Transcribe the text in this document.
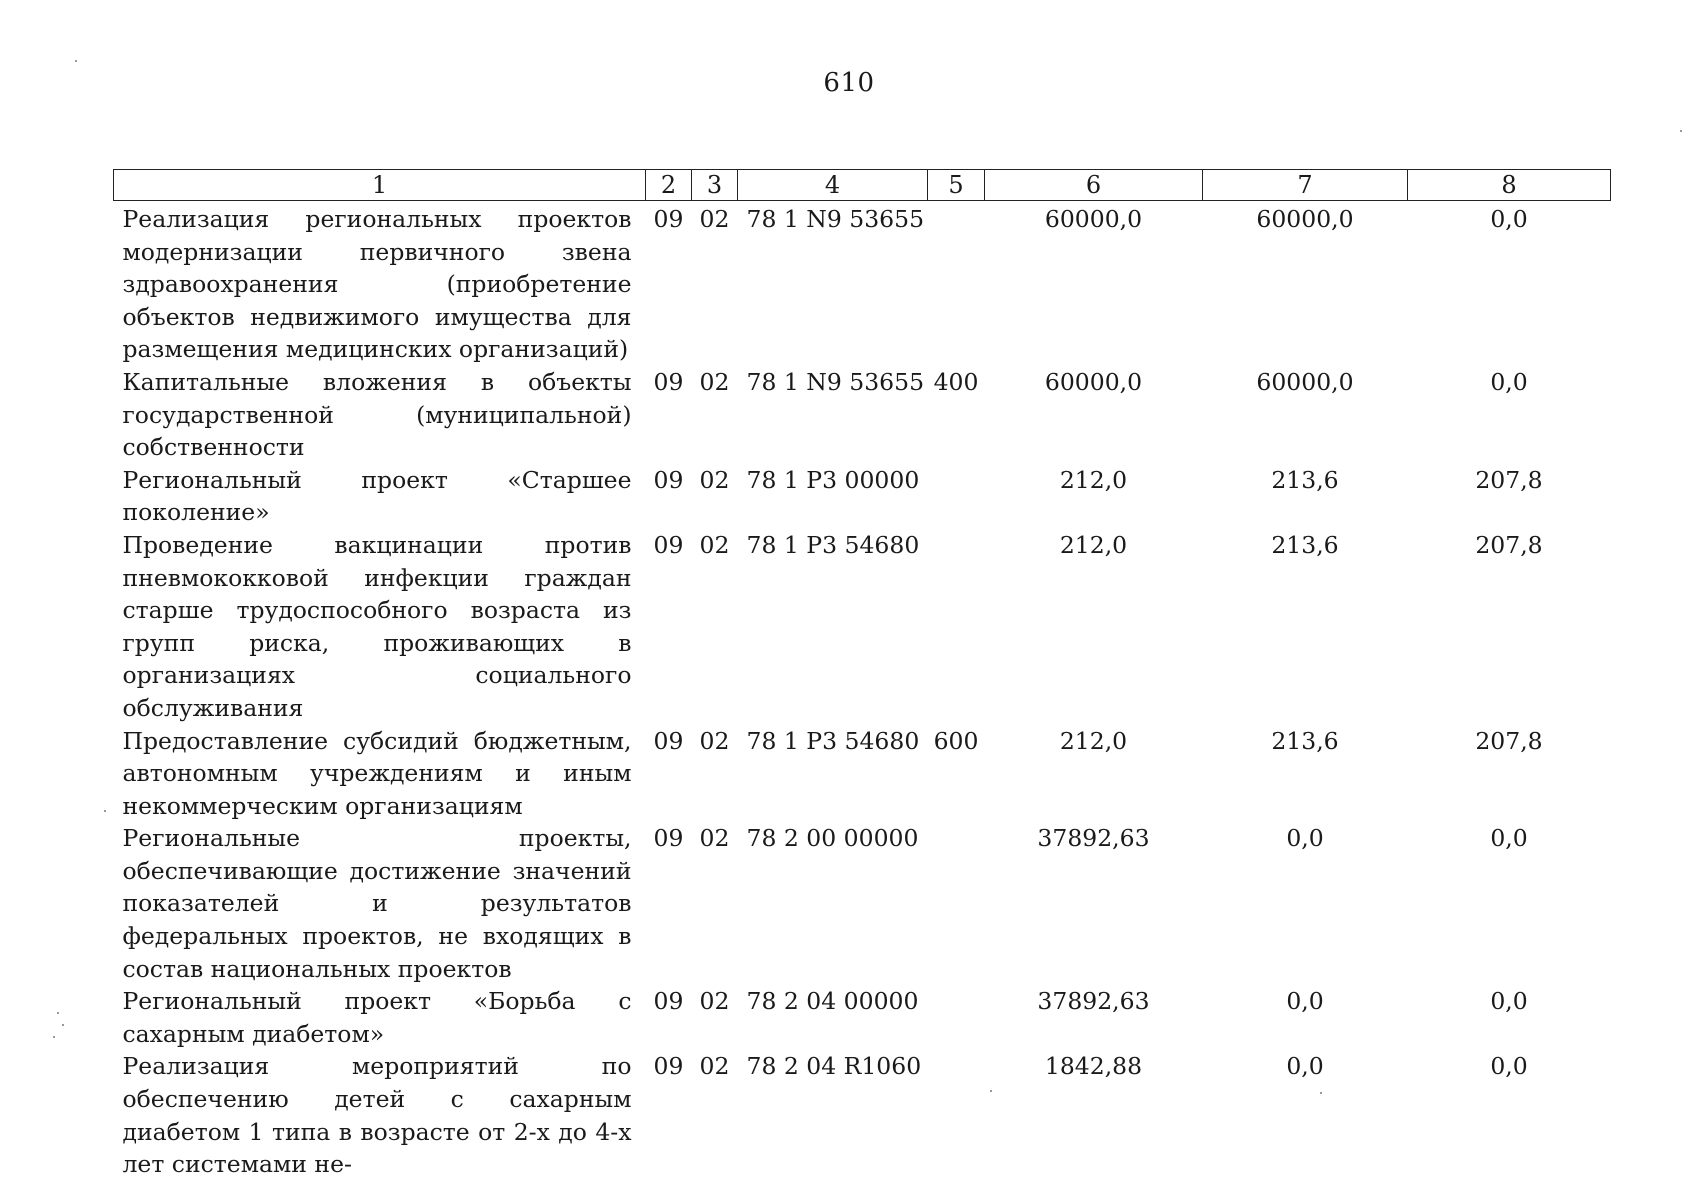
610
1	2	3	4	5	6	7	8
Реализация региональных проектов модернизации первичного звена здравоохранения (приобретение объектов недвижимого имущества для размещения медицинских организаций)	09	02	78 1 N9 53655		60000,0	60000,0	0,0
Капитальные вложения в объекты государственной (муниципальной) собственности	09	02	78 1 N9 53655	400	60000,0	60000,0	0,0
Региональный проект «Старшее поколение»	09	02	78 1 P3 00000		212,0	213,6	207,8
Проведение вакцинации против пневмококковой инфекции граждан старше трудоспособного возраста из групп риска, проживающих в организациях социального обслуживания	09	02	78 1 P3 54680		212,0	213,6	207,8
Предоставление субсидий бюджетным, автономным учреждениям и иным некоммерческим организациям	09	02	78 1 P3 54680	600	212,0	213,6	207,8
Региональные проекты, обеспечивающие достижение значений показателей и результатов федеральных проектов, не входящих в состав национальных проектов	09	02	78 2 00 00000		37892,63	0,0	0,0
Региональный проект «Борьба с сахарным диабетом»	09	02	78 2 04 00000		37892,63	0,0	0,0
Реализация мероприятий по обеспечению детей с сахарным диабетом 1 типа в возрасте от 2-х до 4-х лет системами не-	09	02	78 2 04 R1060		1842,88	0,0	0,0
